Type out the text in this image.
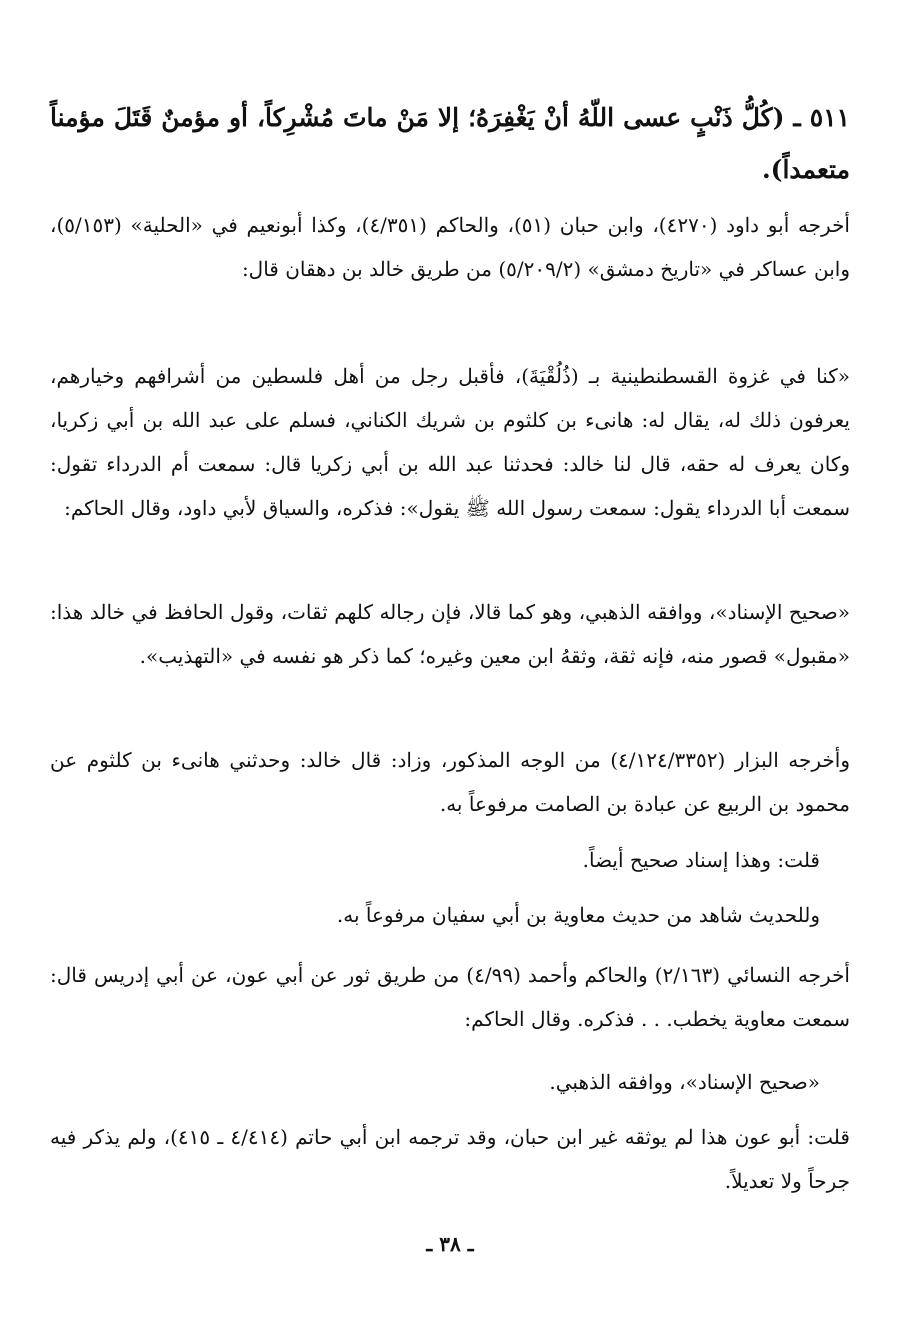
٥١١ ـ (كُلُّ ذَنْبٍ عسى اللّهُ أنْ يَغْفِرَهُ؛ إلا مَنْ ماتَ مُشْرِكاً، أو مؤمنٌ قَتَلَ مؤمناً متعمداً).
أخرجه أبو داود (٤٢٧٠)، وابن حبان (٥١)، والحاكم (٤/٣٥١)، وكذا أبونعيم في «الحلية» (٥/١٥٣)، وابن عساكر في «تاريخ دمشق» (٥/٢٠٩/٢) من طريق خالد بن دهقان قال:
«كنا في غزوة القسطنطينية بـ (ذُلُقْيَةَ)، فأقبل رجل من أهل فلسطين من أشرافهم وخيارهم، يعرفون ذلك له، يقال له: هانىء بن كلثوم بن شريك الكناني، فسلم على عبد الله بن أبي زكريا، وكان يعرف له حقه، قال لنا خالد: فحدثنا عبد الله بن أبي زكريا قال: سمعت أم الدرداء تقول: سمعت أبا الدرداء يقول: سمعت رسول الله ﷺ يقول»: فذكره، والسياق لأبي داود، وقال الحاكم:
«صحيح الإسناد»، ووافقه الذهبي، وهو كما قالا، فإن رجاله كلهم ثقات، وقول الحافظ في خالد هذا: «مقبول» قصور منه، فإنه ثقة، وثقهُ ابن معين وغيره؛ كما ذكر هو نفسه في «التهذيب».
وأخرجه البزار (٤/١٢٤/٣٣٥٢) من الوجه المذكور، وزاد: قال خالد: وحدثني هانىء بن كلثوم عن محمود بن الربيع عن عبادة بن الصامت مرفوعاً به.
قلت: وهذا إسناد صحيح أيضاً.
وللحديث شاهد من حديث معاوية بن أبي سفيان مرفوعاً به.
أخرجه النسائي (٢/١٦٣) والحاكم وأحمد (٤/٩٩) من طريق ثور عن أبي عون، عن أبي إدريس قال: سمعت معاوية يخطب. . . فذكره. وقال الحاكم:
«صحيح الإسناد»، ووافقه الذهبي.
قلت: أبو عون هذا لم يوثقه غير ابن حبان، وقد ترجمه ابن أبي حاتم (٤/٤١٤ ـ ٤١٥)، ولم يذكر فيه جرحاً ولا تعديلاً.
ـ ٣٨ ـ
